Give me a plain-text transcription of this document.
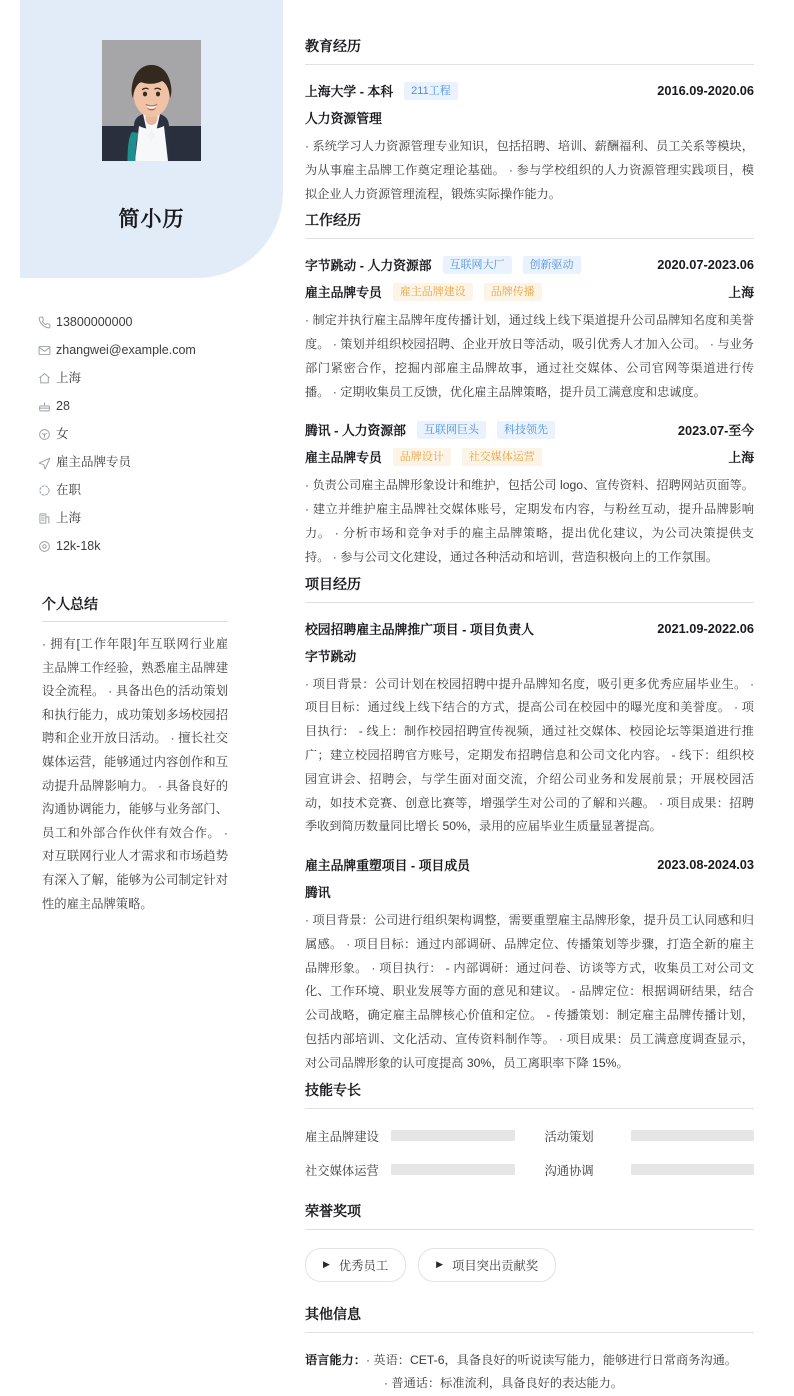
简小历
13800000000
zhangwei@example.com
上海
28
女
雇主品牌专员
在职
上海
12k-18k
个人总结
· 拥有[工作年限]年互联网行业雇主品牌工作经验，熟悉雇主品牌建设全流程。 · 具备出色的活动策划和执行能力，成功策划多场校园招聘和企业开放日活动。 · 擅长社交媒体运营，能够通过内容创作和互动提升品牌影响力。 · 具备良好的沟通协调能力，能够与业务部门、员工和外部合作伙伴有效合作。 · 对互联网行业人才需求和市场趋势有深入了解，能够为公司制定针对性的雇主品牌策略。
教育经历
上海大学 - 本科	211工程	2016.09-2020.06
人力资源管理
· 系统学习人力资源管理专业知识，包括招聘、培训、薪酬福利、员工关系等模块，为从事雇主品牌工作奠定理论基础。 · 参与学校组织的人力资源管理实践项目，模拟企业人力资源管理流程，锻炼实际操作能力。
工作经历
字节跳动 - 人力资源部	互联网大厂	创新驱动	2020.07-2023.06
雇主品牌专员	雇主品牌建设	品牌传播	上海
· 制定并执行雇主品牌年度传播计划，通过线上线下渠道提升公司品牌知名度和美誉度。 · 策划并组织校园招聘、企业开放日等活动，吸引优秀人才加入公司。 · 与业务部门紧密合作，挖掘内部雇主品牌故事，通过社交媒体、公司官网等渠道进行传播。 · 定期收集员工反馈，优化雇主品牌策略，提升员工满意度和忠诚度。
腾讯 - 人力资源部	互联网巨头	科技领先	2023.07-至今
雇主品牌专员	品牌设计	社交媒体运营	上海
· 负责公司雇主品牌形象设计和维护，包括公司 logo、宣传资料、招聘网站页面等。 · 建立并维护雇主品牌社交媒体账号，定期发布内容，与粉丝互动，提升品牌影响力。 · 分析市场和竞争对手的雇主品牌策略，提出优化建议，为公司决策提供支持。 · 参与公司文化建设，通过各种活动和培训，营造积极向上的工作氛围。
项目经历
校园招聘雇主品牌推广项目 - 项目负责人	2021.09-2022.06
字节跳动
· 项目背景：公司计划在校园招聘中提升品牌知名度，吸引更多优秀应届毕业生。 · 项目目标：通过线上线下结合的方式，提高公司在校园中的曝光度和美誉度。 · 项目执行： - 线上：制作校园招聘宣传视频，通过社交媒体、校园论坛等渠道进行推广；建立校园招聘官方账号，定期发布招聘信息和公司文化内容。 - 线下：组织校园宣讲会、招聘会，与学生面对面交流，介绍公司业务和发展前景；开展校园活动，如技术竞赛、创意比赛等，增强学生对公司的了解和兴趣。 · 项目成果：招聘季收到简历数量同比增长 50%，录用的应届毕业生质量显著提高。
雇主品牌重塑项目 - 项目成员	2023.08-2024.03
腾讯
· 项目背景：公司进行组织架构调整，需要重塑雇主品牌形象，提升员工认同感和归属感。 · 项目目标：通过内部调研、品牌定位、传播策划等步骤，打造全新的雇主品牌形象。 · 项目执行： - 内部调研：通过问卷、访谈等方式，收集员工对公司文化、工作环境、职业发展等方面的意见和建议。 - 品牌定位：根据调研结果，结合公司战略，确定雇主品牌核心价值和定位。 - 传播策划：制定雇主品牌传播计划，包括内部培训、文化活动、宣传资料制作等。 · 项目成果：员工满意度调查显示，对公司品牌形象的认可度提高 30%，员工离职率下降 15%。
技能专长
雇主品牌建设	活动策划
社交媒体运营	沟通协调
荣誉奖项
▶ 优秀员工	▶ 项目突出贡献奖
其他信息
语言能力： · 英语：CET-6，具备良好的听说读写能力，能够进行日常商务沟通。
· 普通话：标准流利，具备良好的表达能力。
